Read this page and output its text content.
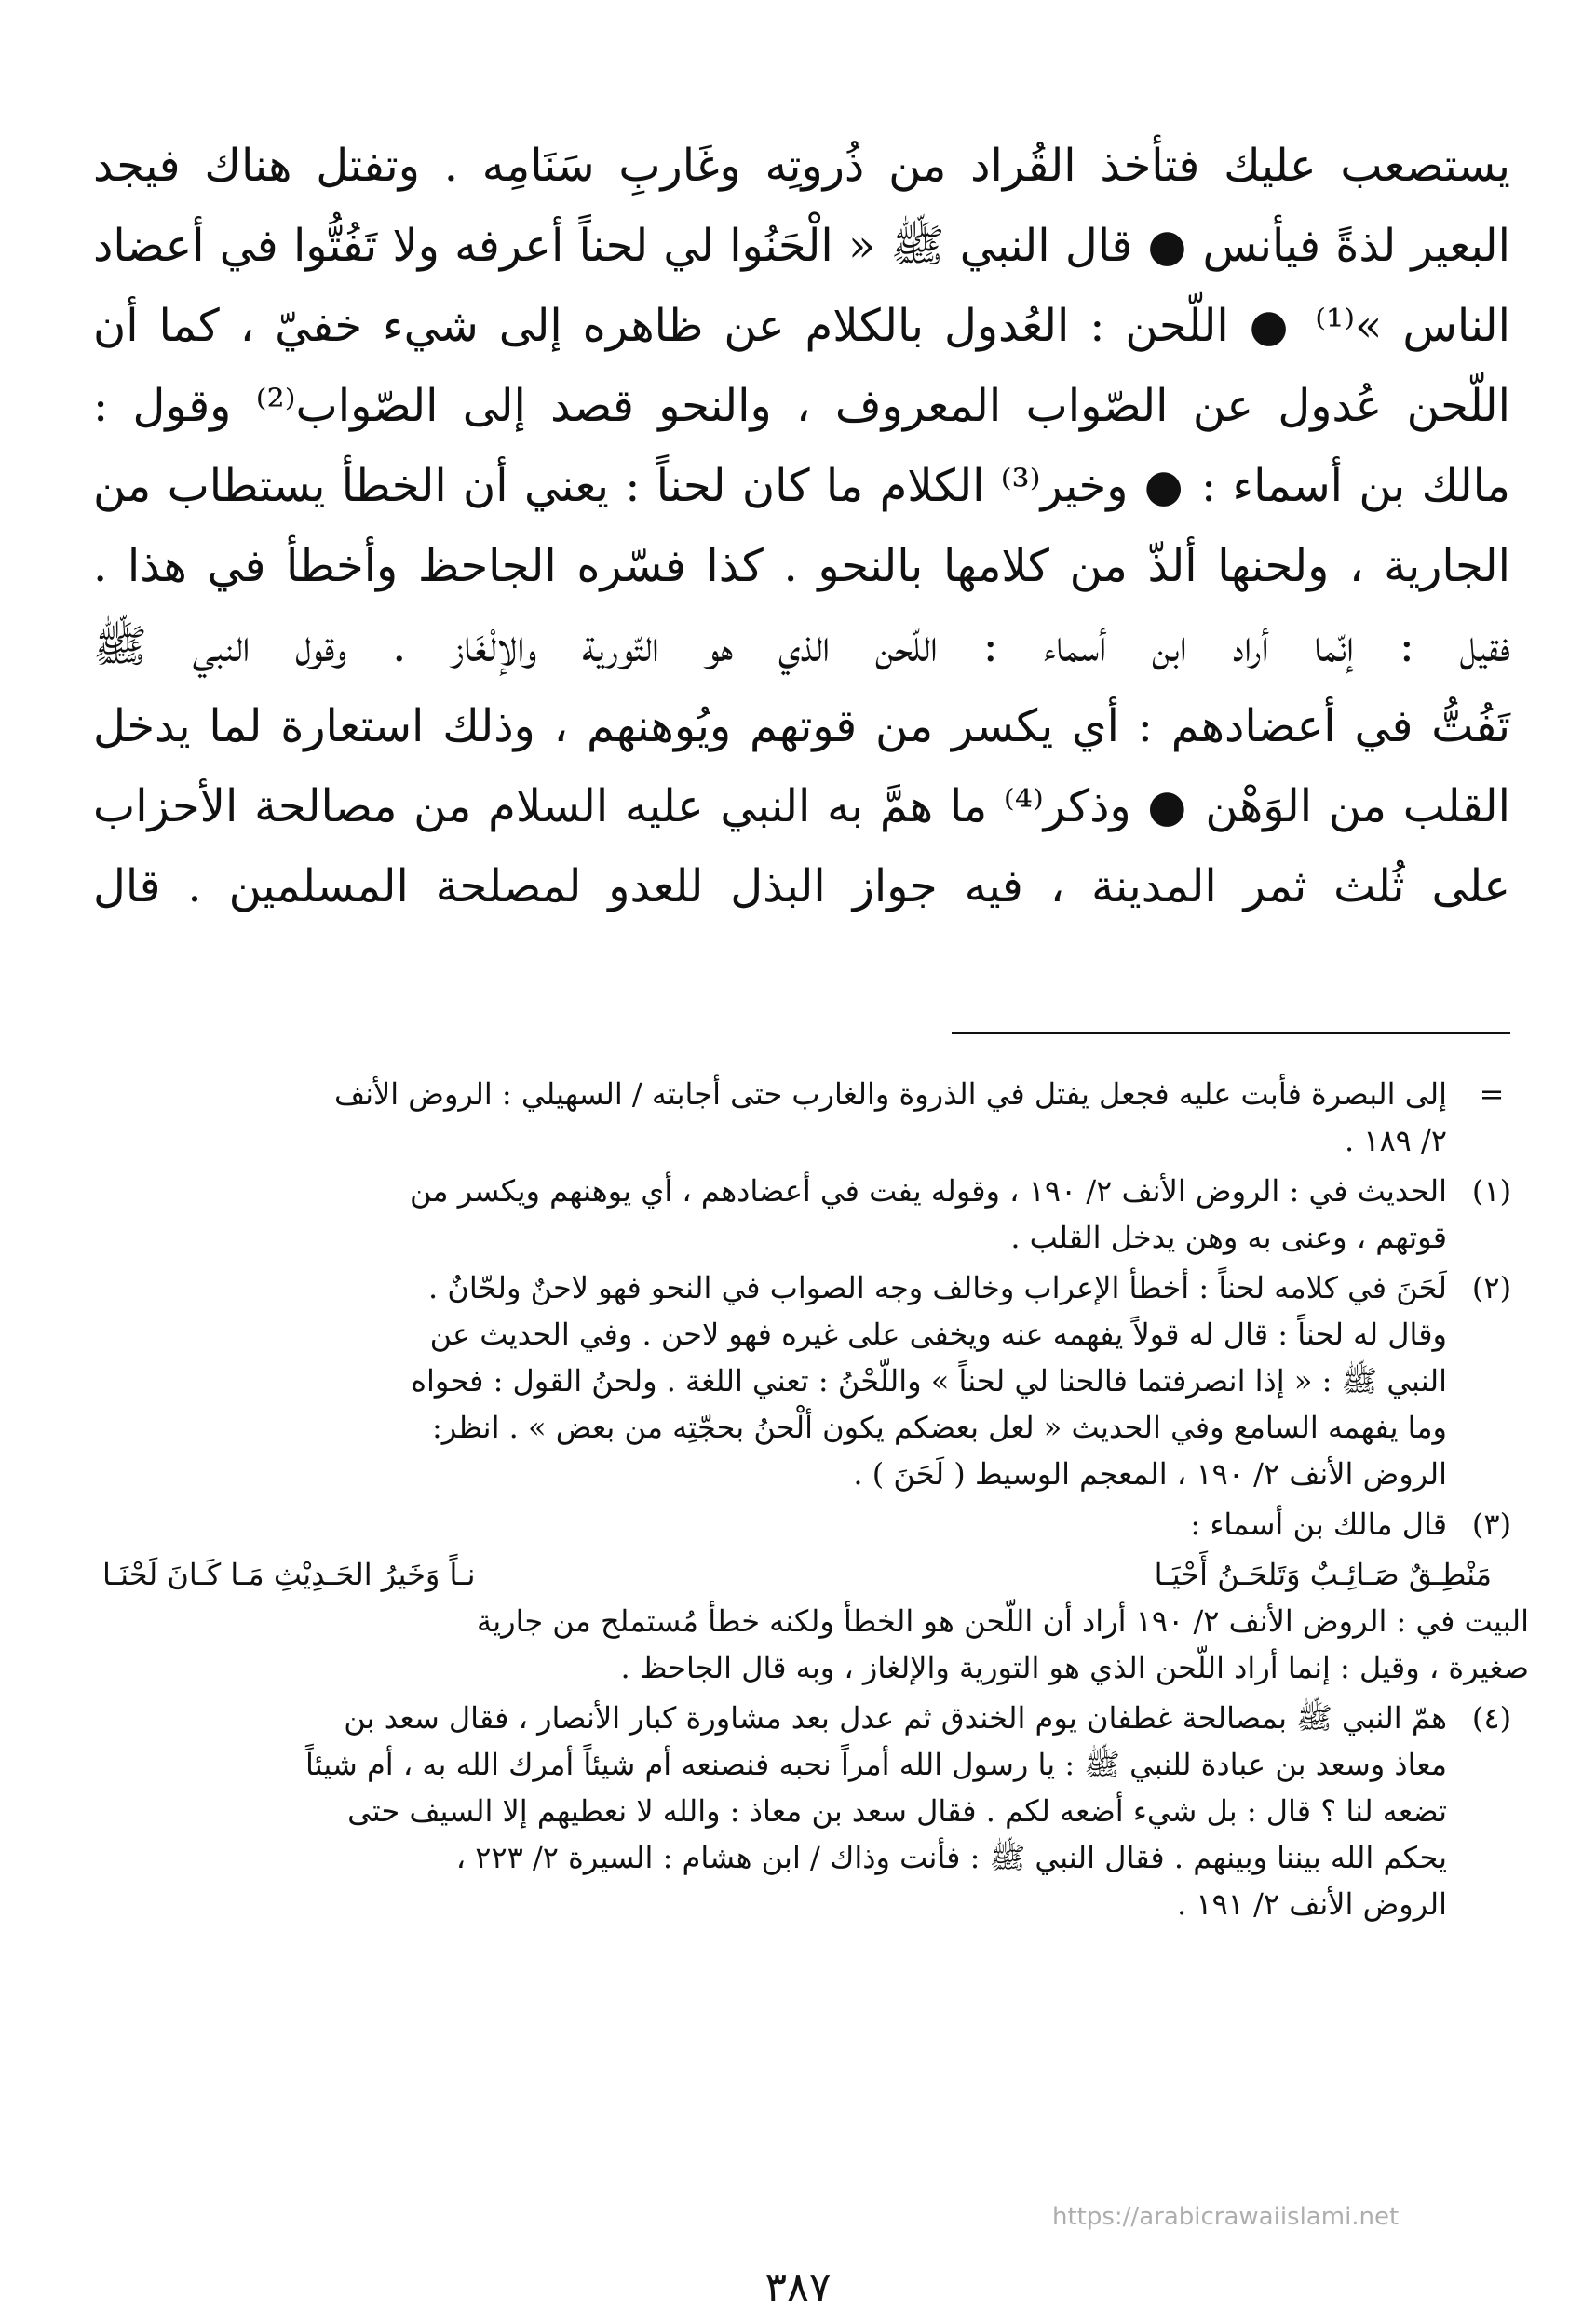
يستصعب عليك فتأخذ القُراد من ذُروتِه وغَاربِ سَنَامِه . وتفتل هناك فيجد
البعير لذةً فيأنس ● قال النبي ﷺ « الْحَنُوا لي لحناً أعرفه ولا تَفُتُّوا في أعضاد
الناس »⁽¹⁾ ● اللّحن : العُدول بالكلام عن ظاهره إلى شيء خفيّ ، كما أن
اللّحن عُدول عن الصّواب المعروف ، والنحو قصد إلى الصّواب⁽²⁾ وقول :
مالك بن أسماء : ● وخير⁽³⁾ الكلام ما كان لحناً : يعني أن الخطأ يستطاب من
الجارية ، ولحنها ألذّ من كلامها بالنحو . كذا فسّره الجاحظ وأخطأ في هذا .
فقيل : إنّما أراد ابن أسماء : اللّحن الذي هو التّورية والإلْغَاز . وقول النبي ﷺ
تَفُتُّ في أعضادهم : أي يكسر من قوتهم ويُوهنهم ، وذلك استعارة لما يدخل
القلب من الوَهْن ● وذكر⁽⁴⁾ ما همَّ به النبي عليه السلام من مصالحة الأحزاب
على ثُلث ثمر المدينة ، فيه جواز البذل للعدو لمصلحة المسلمين . قال
=
إلى البصرة فأبت عليه فجعل يفتل في الذروة والغارب حتى أجابته / السهيلي : الروض الأنف
٢/ ١٨٩ .
(١)
الحديث في : الروض الأنف ٢/ ١٩٠ ، وقوله يفت في أعضادهم ، أي يوهنهم ويكسر من
قوتهم ، وعنى به وهن يدخل القلب .
(٢)
لَحَنَ في كلامه لحناً : أخطأ الإعراب وخالف وجه الصواب في النحو فهو لاحنٌ ولحّانٌ .
وقال له لحناً : قال له قولاً يفهمه عنه ويخفى على غيره فهو لاحن . وفي الحديث عن
النبي ﷺ : « إذا انصرفتما فالحنا لي لحناً » واللّحْنُ : تعني اللغة . ولحنُ القول : فحواه
وما يفهمه السامع وفي الحديث « لعل بعضكم يكون ألْحنُ بحجّتِه من بعض » . انظر:
الروض الأنف ٢/ ١٩٠ ، المعجم الوسيط ( لَحَنَ ) .
(٣)
قال مالك بن أسماء :
مَنْطِـقٌ صَـائِـبٌ وَتَلحَـنُ أَحْيَـا
نـاً وَخَيرُ الحَـدِيْثِ مَـا كَـانَ لَحْنَـا
البيت في : الروض الأنف ٢/ ١٩٠ أراد أن اللّحن هو الخطأ ولكنه خطأ مُستملح من جارية
صغيرة ، وقيل : إنما أراد اللّحن الذي هو التورية والإلغاز ، وبه قال الجاحظ .
(٤)
همّ النبي ﷺ بمصالحة غطفان يوم الخندق ثم عدل بعد مشاورة كبار الأنصار ، فقال سعد بن
معاذ وسعد بن عبادة للنبي ﷺ : يا رسول الله أمراً نحبه فنصنعه أم شيئاً أمرك الله به ، أم شيئاً
تضعه لنا ؟ قال : بل شيء أضعه لكم . فقال سعد بن معاذ : والله لا نعطيهم إلا السيف حتى
يحكم الله بيننا وبينهم . فقال النبي ﷺ : فأنت وذاك / ابن هشام : السيرة ٢/ ٢٢٣ ،
الروض الأنف ٢/ ١٩١ .
https://arabicrawaiislami.net
٣٨٧
